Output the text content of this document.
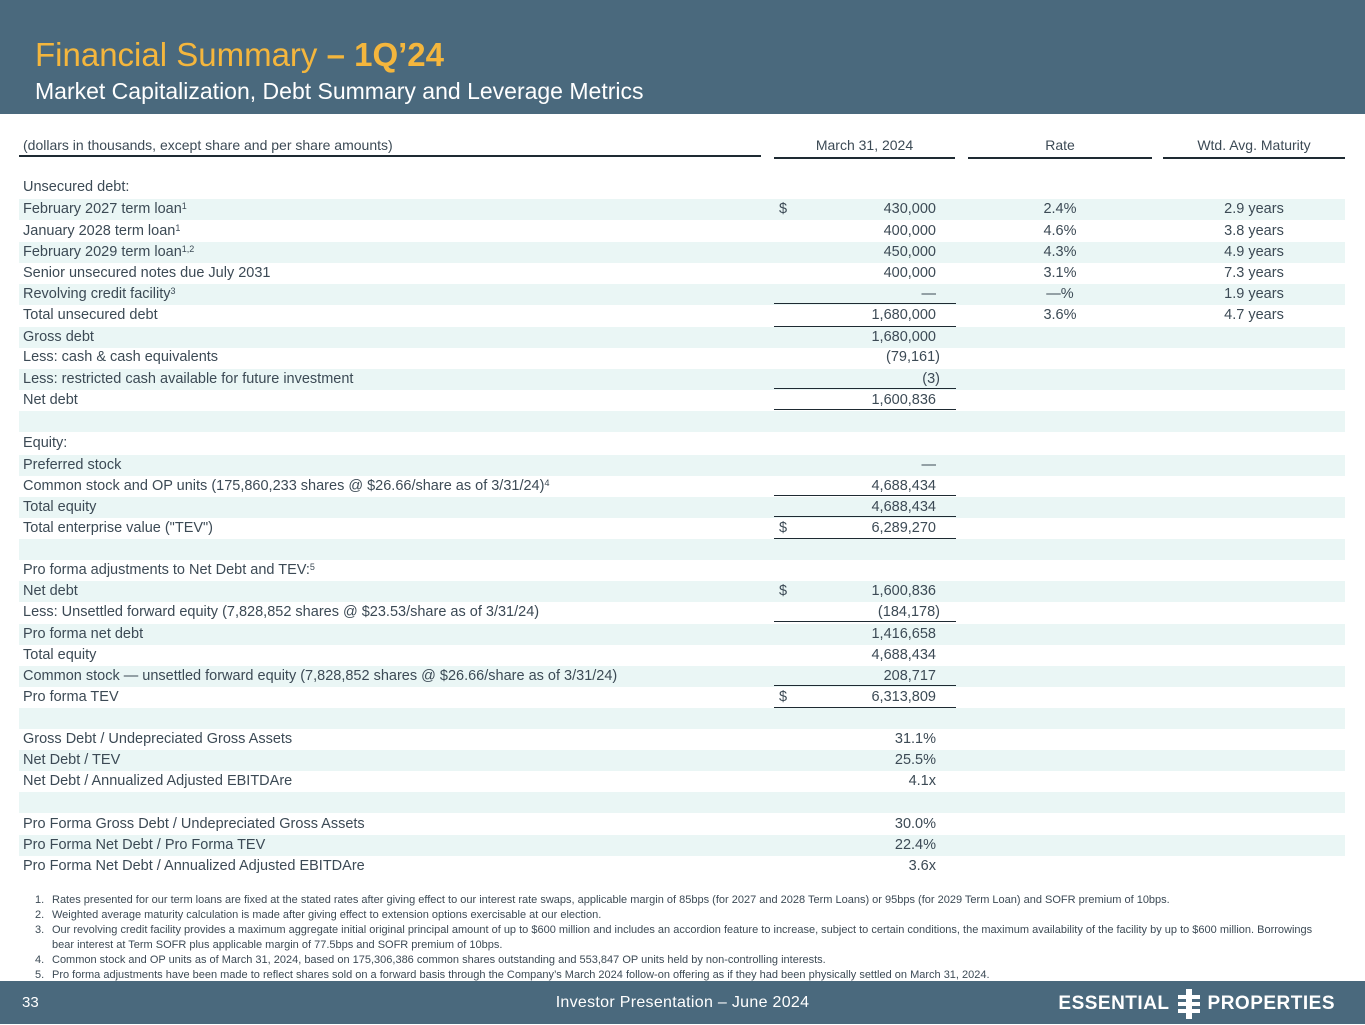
Financial Summary – 1Q’24
Market Capitalization, Debt Summary and Leverage Metrics
(dollars in thousands, except share and per share amounts)	March 31, 2024	Rate	Wtd. Avg. Maturity
Unsecured debt:
February 2027 term loan$^1$	$	430,000	2.4%	2.9 years
January 2028 term loan$^1$	400,000	4.6%	3.8 years
February 2029 term loan$^{1,2}$	450,000	4.3%	4.9 years
Senior unsecured notes due July 2031	400,000	3.1%	7.3 years
Revolving credit facility$^3$	—	—%	1.9 years
Total unsecured debt	1,680,000	3.6%	4.7 years
Gross debt	1,680,000
Less: cash & cash equivalents	(79,161)
Less: restricted cash available for future investment	(3)
Net debt	1,600,836
Equity:
Preferred stock	—
Common stock and OP units (175,860,233 shares @ $26.66/share as of 3/31/24)$^4$	4,688,434
Total equity	4,688,434
Total enterprise value ("TEV")	$	6,289,270
Pro forma adjustments to Net Debt and TEV:$^5$
Net debt	$	1,600,836
Less: Unsettled forward equity (7,828,852 shares @ $23.53/share as of 3/31/24)	(184,178)
Pro forma net debt	1,416,658
Total equity	4,688,434
Common stock — unsettled forward equity (7,828,852 shares @ $26.66/share as of 3/31/24)	208,717
Pro forma TEV	$	6,313,809
Gross Debt / Undepreciated Gross Assets	31.1%
Net Debt / TEV	25.5%
Net Debt / Annualized Adjusted EBITDAre	4.1x
Pro Forma Gross Debt / Undepreciated Gross Assets	30.0%
Pro Forma Net Debt / Pro Forma TEV	22.4%
Pro Forma Net Debt / Annualized Adjusted EBITDAre	3.6x
1. Rates presented for our term loans are fixed at the stated rates after giving effect to our interest rate swaps, applicable margin of 85bps (for 2027 and 2028 Term Loans) or 95bps (for 2029 Term Loan) and SOFR premium of 10bps.
2. Weighted average maturity calculation is made after giving effect to extension options exercisable at our election.
3. Our revolving credit facility provides a maximum aggregate initial original principal amount of up to $600 million and includes an accordion feature to increase, subject to certain conditions, the maximum availability of the facility by up to $600 million. Borrowings bear interest at Term SOFR plus applicable margin of 77.5bps and SOFR premium of 10bps.
4. Common stock and OP units as of March 31, 2024, based on 175,306,386 common shares outstanding and 553,847 OP units held by non-controlling interests.
5. Pro forma adjustments have been made to reflect shares sold on a forward basis through the Company’s March 2024 follow-on offering as if they had been physically settled on March 31, 2024.
33	Investor Presentation – June 2024	ESSENTIAL PROPERTIES
